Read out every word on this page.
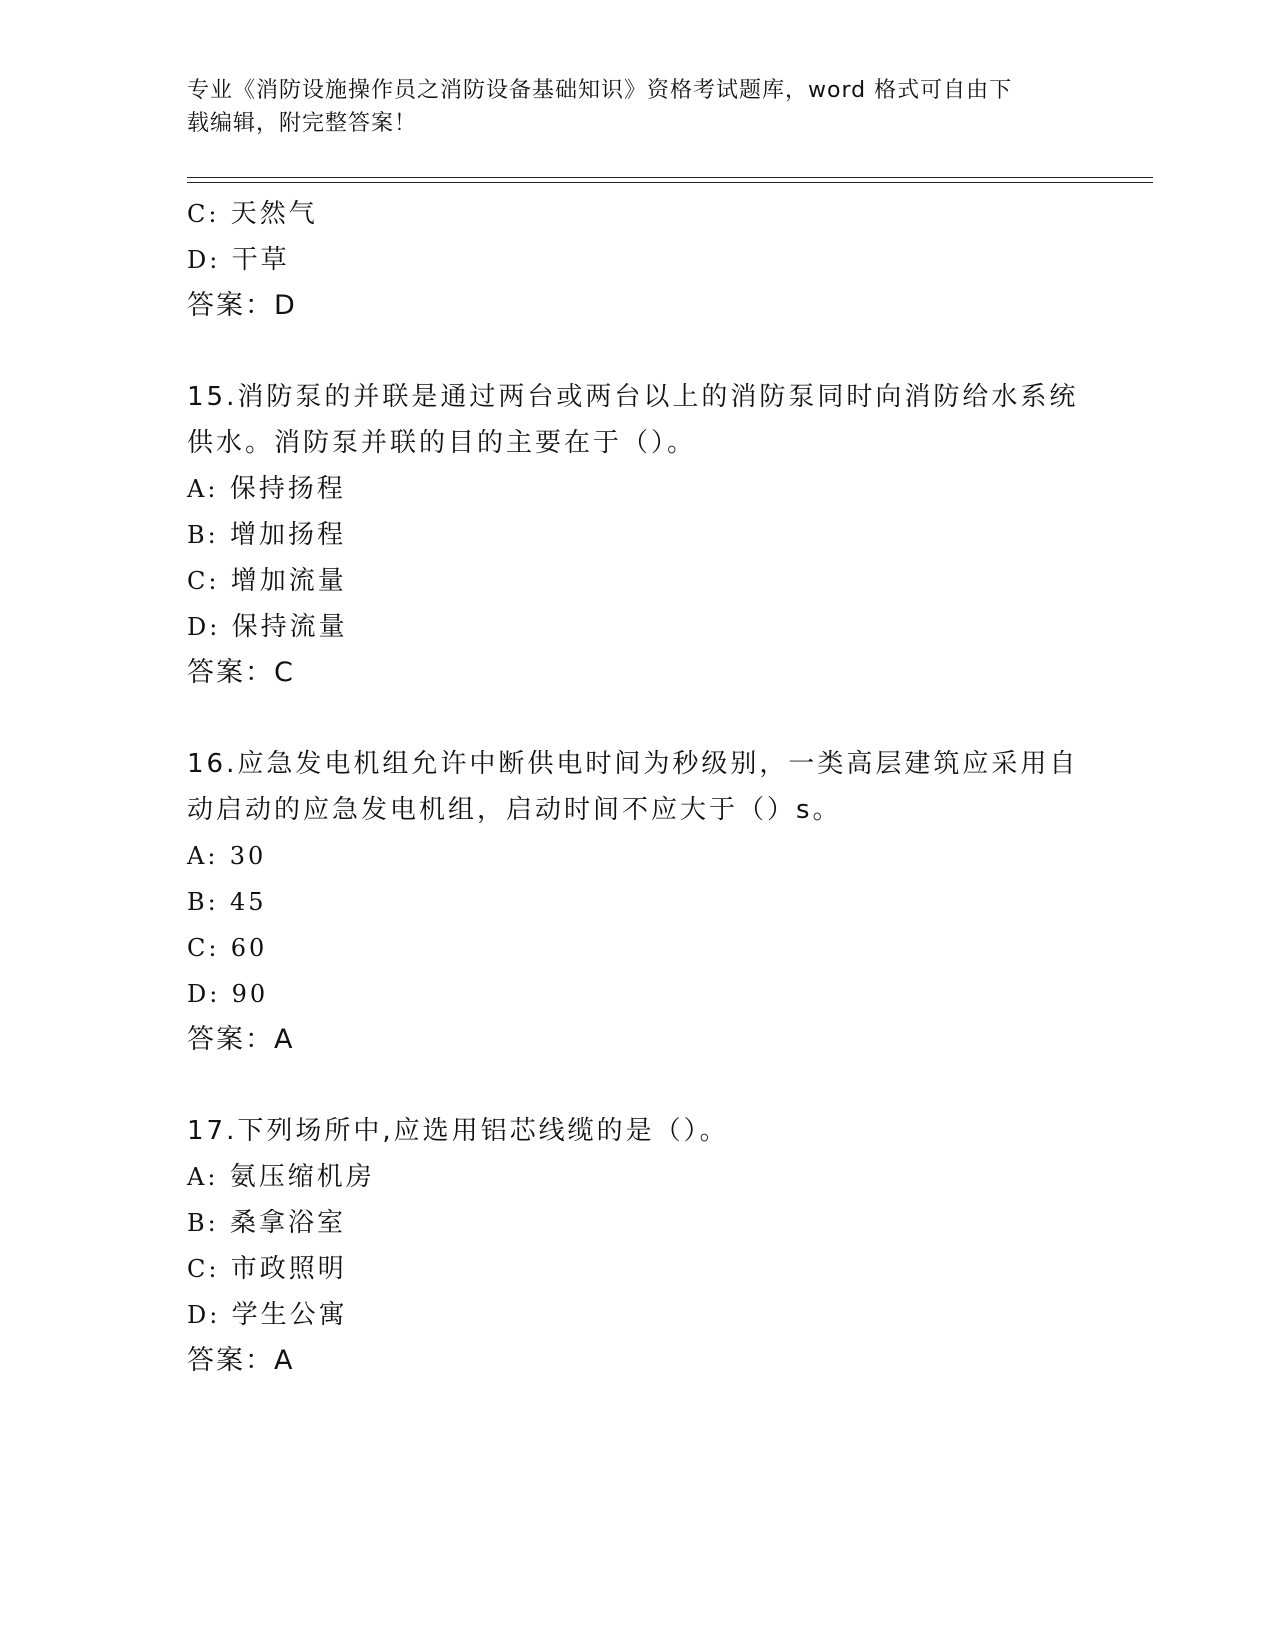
专业《消防设施操作员之消防设备基础知识》资格考试题库，word 格式可自由下
载编辑，附完整答案！
C: 天然气
D: 干草
答案：D
15.消防泵的并联是通过两台或两台以上的消防泵同时向消防给水系统
供水。消防泵并联的目的主要在于（）。
A: 保持扬程
B: 增加扬程
C: 增加流量
D: 保持流量
答案：C
16.应急发电机组允许中断供电时间为秒级别，一类高层建筑应采用自
动启动的应急发电机组，启动时间不应大于（）s。
A: 30
B: 45
C: 60
D: 90
答案：A
17.下列场所中,应选用铝芯线缆的是（）。
A: 氨压缩机房
B: 桑拿浴室
C: 市政照明
D: 学生公寓
答案：A
